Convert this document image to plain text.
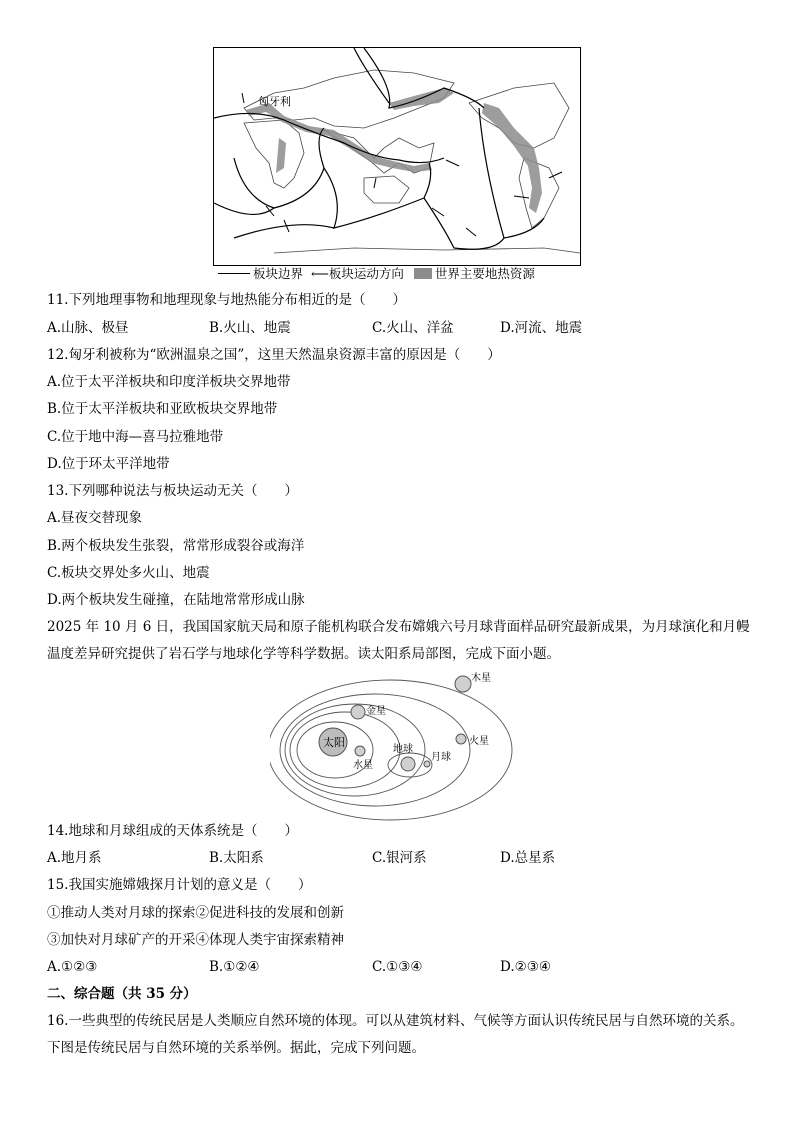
匈牙利
板块边界 ⟵板块运动方向 世界主要地热资源
11.下列地理事物和地理现象与地热能分布相近的是（　　）
A.山脉、极昼	B.火山、地震	C.火山、洋盆	D.河流、地震
12.匈牙利被称为“欧洲温泉之国”，这里天然温泉资源丰富的原因是（　　）
A.位于太平洋板块和印度洋板块交界地带
B.位于太平洋板块和亚欧板块交界地带
C.位于地中海—喜马拉雅地带
D.位于环太平洋地带
13.下列哪种说法与板块运动无关（　　）
A.昼夜交替现象
B.两个板块发生张裂，常常形成裂谷或海洋
C.板块交界处多火山、地震
D.两个板块发生碰撞，在陆地常常形成山脉
2025 年 10 月 6 日，我国国家航天局和原子能机构联合发布嫦娥六号月球背面样品研究最新成果，为月球演化和月幔温度差异研究提供了岩石学与地球化学等科学数据。读太阳系局部图，完成下面小题。
太阳
水星
金星
地球
月球
火星
木星
14.地球和月球组成的天体系统是（　　）
A.地月系	B.太阳系	C.银河系	D.总星系
15.我国实施嫦娥探月计划的意义是（　　）
①推动人类对月球的探索②促进科技的发展和创新
③加快对月球矿产的开采④体现人类宇宙探索精神
A.①②③	B.①②④	C.①③④	D.②③④
二、综合题（共 35 分）
16.一些典型的传统民居是人类顺应自然环境的体现。可以从建筑材料、气候等方面认识传统民居与自然环境的关系。下图是传统民居与自然环境的关系举例。据此，完成下列问题。
